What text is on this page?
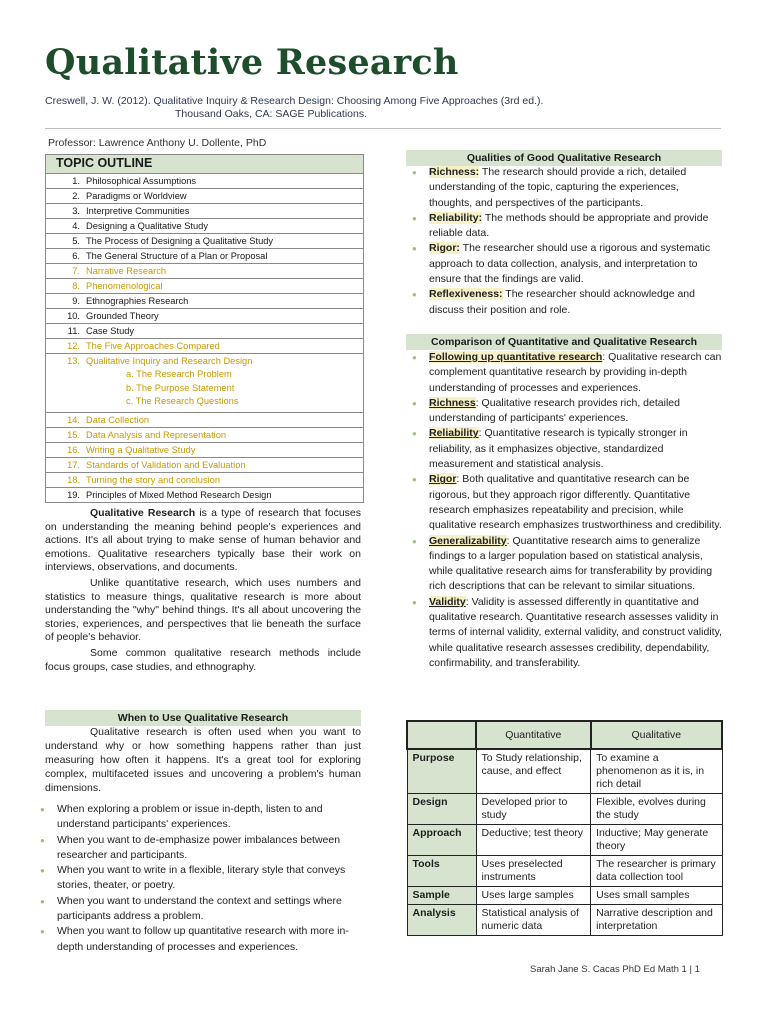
Qualitative Research
Creswell, J. W. (2012). Qualitative Inquiry & Research Design: Choosing Among Five Approaches (3rd ed.).
Thousand Oaks, CA: SAGE Publications.
Professor: Lawrence Anthony U. Dollente, PhD
TOPIC OUTLINE
1. Philosophical Assumptions
2. Paradigms or Worldview
3. Interpretive Communities
4. Designing a Qualitative Study
5. The Process of Designing a Qualitative Study
6. The General Structure of a Plan or Proposal
7. Narrative Research
8. Phenomenological
9. Ethnographies Research
10. Grounded Theory
11. Case Study
12. The Five Approaches Compared
13. Qualitative Inquiry and Research Design
a. The Research Problem
b. The Purpose Statement
c. The Research Questions
14. Data Collection
15. Data Analysis and Representation
16. Writing a Qualitative Study
17. Standards of Validation and Evaluation
18. Turning the story and conclusion
19. Principles of Mixed Method Research Design

Qualitative Research is a type of research that focuses on understanding the meaning behind people's experiences and actions. It's all about trying to make sense of human behavior and emotions. Qualitative researchers typically base their work on interviews, observations, and documents.

Unlike quantitative research, which uses numbers and statistics to measure things, qualitative research is more about understanding the "why" behind things. It's all about uncovering the stories, experiences, and perspectives that lie beneath the surface of people's behavior.

Some common qualitative research methods include focus groups, case studies, and ethnography.

When to Use Qualitative Research

Qualitative research is often used when you want to understand why or how something happens rather than just measuring how often it happens. It's a great tool for exploring complex, multifaceted issues and uncovering a problem's human dimensions.

● When exploring a problem or issue in-depth, listen to and understand participants' experiences.
● When you want to de-emphasize power imbalances between researcher and participants.
● When you want to write in a flexible, literary style that conveys stories, theater, or poetry.
● When you want to understand the context and settings where participants address a problem.
● When you want to follow up quantitative research with more in-depth understanding of processes and experiences.
Qualities of Good Qualitative Research
● Richness: The research should provide a rich, detailed understanding of the topic, capturing the experiences, thoughts, and perspectives of the participants.
● Reliability: The methods should be appropriate and provide reliable data.
● Rigor: The researcher should use a rigorous and systematic approach to data collection, analysis, and interpretation to ensure that the findings are valid.
● Reflexiveness: The researcher should acknowledge and discuss their position and role.
Comparison of Quantitative and Qualitative Research
● Following up quantitative research: Qualitative research can complement quantitative research by providing in-depth understanding of processes and experiences.
● Richness: Qualitative research provides rich, detailed understanding of participants' experiences.
● Reliability: Quantitative research is typically stronger in reliability, as it emphasizes objective, standardized measurement and statistical analysis.
● Rigor: Both qualitative and quantitative research can be rigorous, but they approach rigor differently. Quantitative research emphasizes repeatability and precision, while qualitative research emphasizes trustworthiness and credibility.
● Generalizability: Quantitative research aims to generalize findings to a larger population based on statistical analysis, while qualitative research aims for transferability by providing rich descriptions that can be relevant to similar situations.
● Validity: Validity is assessed differently in quantitative and qualitative research. Quantitative research assesses validity in terms of internal validity, external validity, and construct validity, while qualitative research assesses credibility, dependability, confirmability, and transferability.
	Quantitative	Qualitative
Purpose	To Study relationship, cause, and effect	To examine a phenomenon as it is, in rich detail
Design	Developed prior to study	Flexible, evolves during the study
Approach	Deductive; test theory	Inductive; May generate theory
Tools	Uses preselected instruments	The researcher is primary data collection tool
Sample	Uses large samples	Uses small samples
Analysis	Statistical analysis of numeric data	Narrative description and interpretation
Sarah Jane S. Cacas PhD Ed Math 1 | 1
